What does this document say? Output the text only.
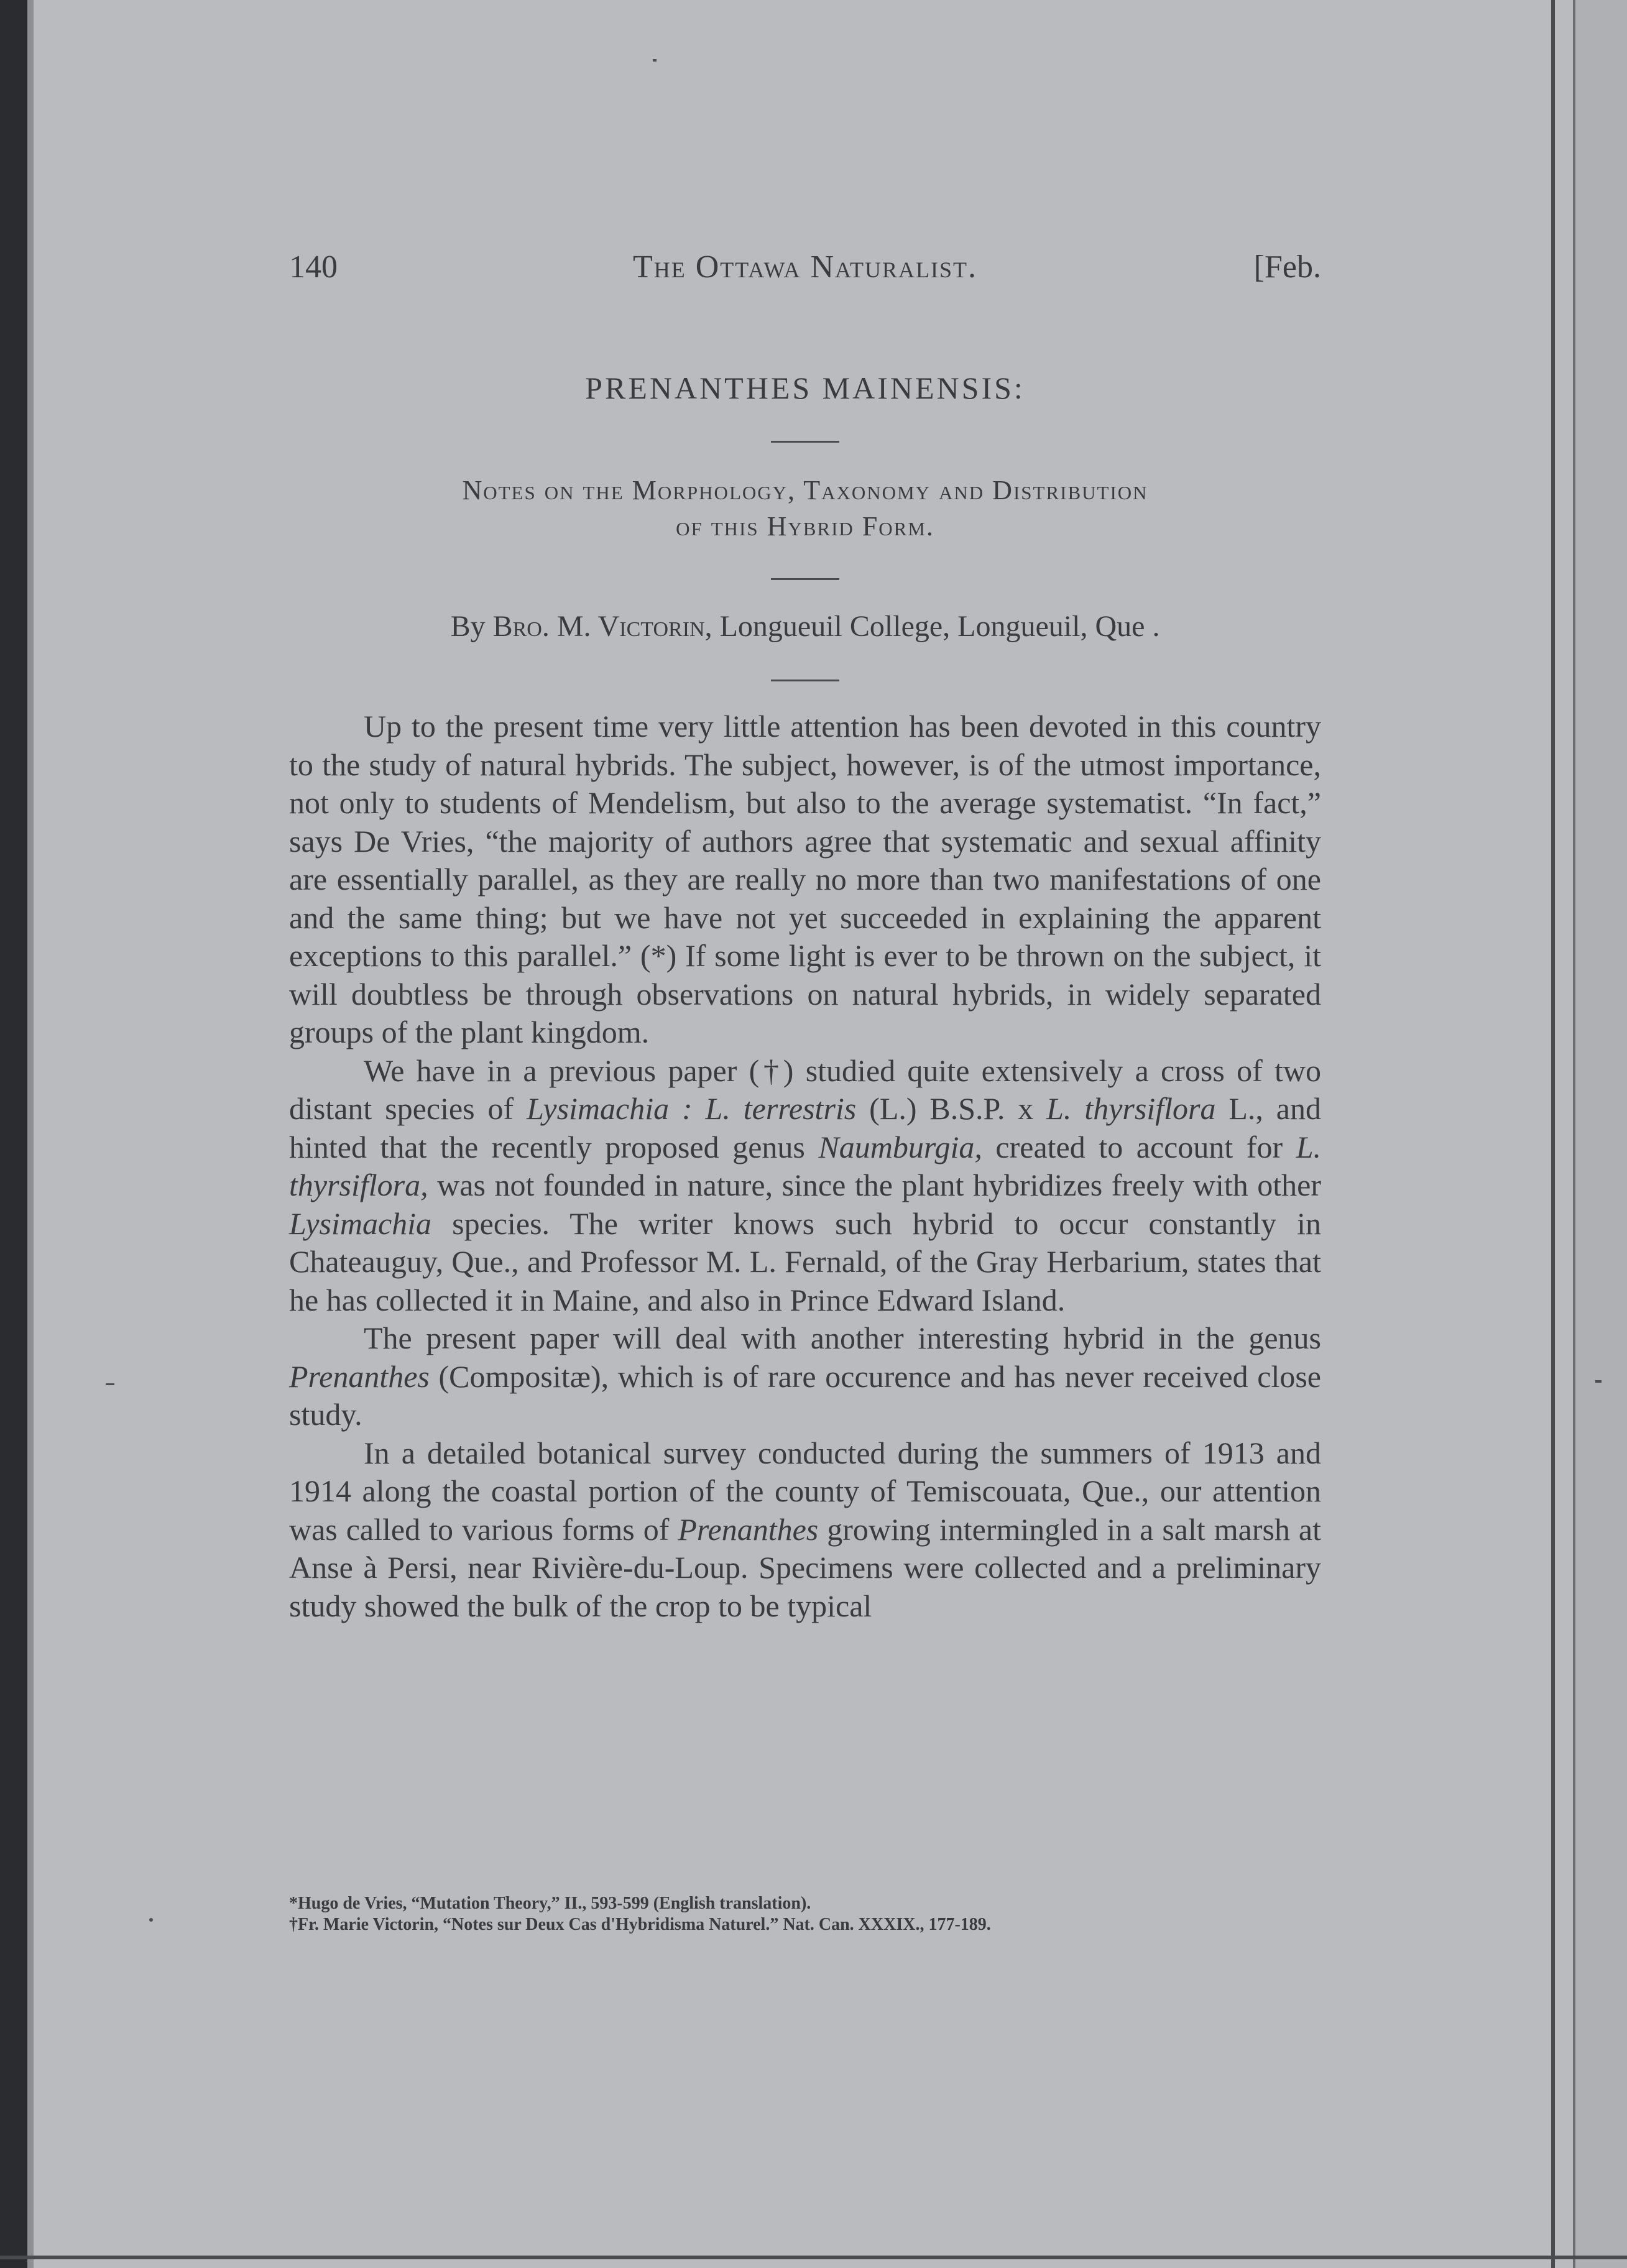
140	The Ottawa Naturalist.	[Feb.
PRENANTHES MAINENSIS:
Notes on the Morphology, Taxonomy and Distribution
of this Hybrid Form.
By Bro. M. Victorin, Longueuil College, Longueuil, Que .

Up to the present time very little attention has been devoted in this country to the study of natural hybrids. The subject, however, is of the utmost importance, not only to students of Mendelism, but also to the average systematist. “In fact,” says De Vries, “the majority of authors agree that systematic and sexual affinity are essentially parallel, as they are really no more than two manifestations of one and the same thing; but we have not yet succeeded in explaining the apparent exceptions to this parallel.” (*) If some light is ever to be thrown on the subject, it will doubtless be through observations on natural hybrids, in widely separated groups of the plant kingdom.

We have in a previous paper (†) studied quite extensively a cross of two distant species of Lysimachia : L. terrestris (L.) B.S.P. x L. thyrsiflora L., and hinted that the recently proposed genus Naumburgia, created to account for L. thyrsiflora, was not founded in nature, since the plant hybridizes freely with other Lysimachia species. The writer knows such hybrid to occur constantly in Chateauguy, Que., and Professor M. L. Fernald, of the Gray Herbarium, states that he has collected it in Maine, and also in Prince Edward Island.

The present paper will deal with another interesting hybrid in the genus Prenanthes (Compositæ), which is of rare occurence and has never received close study.

In a detailed botanical survey conducted during the summers of 1913 and 1914 along the coastal portion of the county of Temiscouata, Que., our attention was called to various forms of Prenanthes growing intermingled in a salt marsh at Anse à Persi, near Rivière-du-Loup. Specimens were collected and a preliminary study showed the bulk of the crop to be typical

*Hugo de Vries, “Mutation Theory,” II., 593-599 (English translation).

†Fr. Marie Victorin, “Notes sur Deux Cas d'Hybridisma Naturel.” Nat. Can. XXXIX., 177-189.
